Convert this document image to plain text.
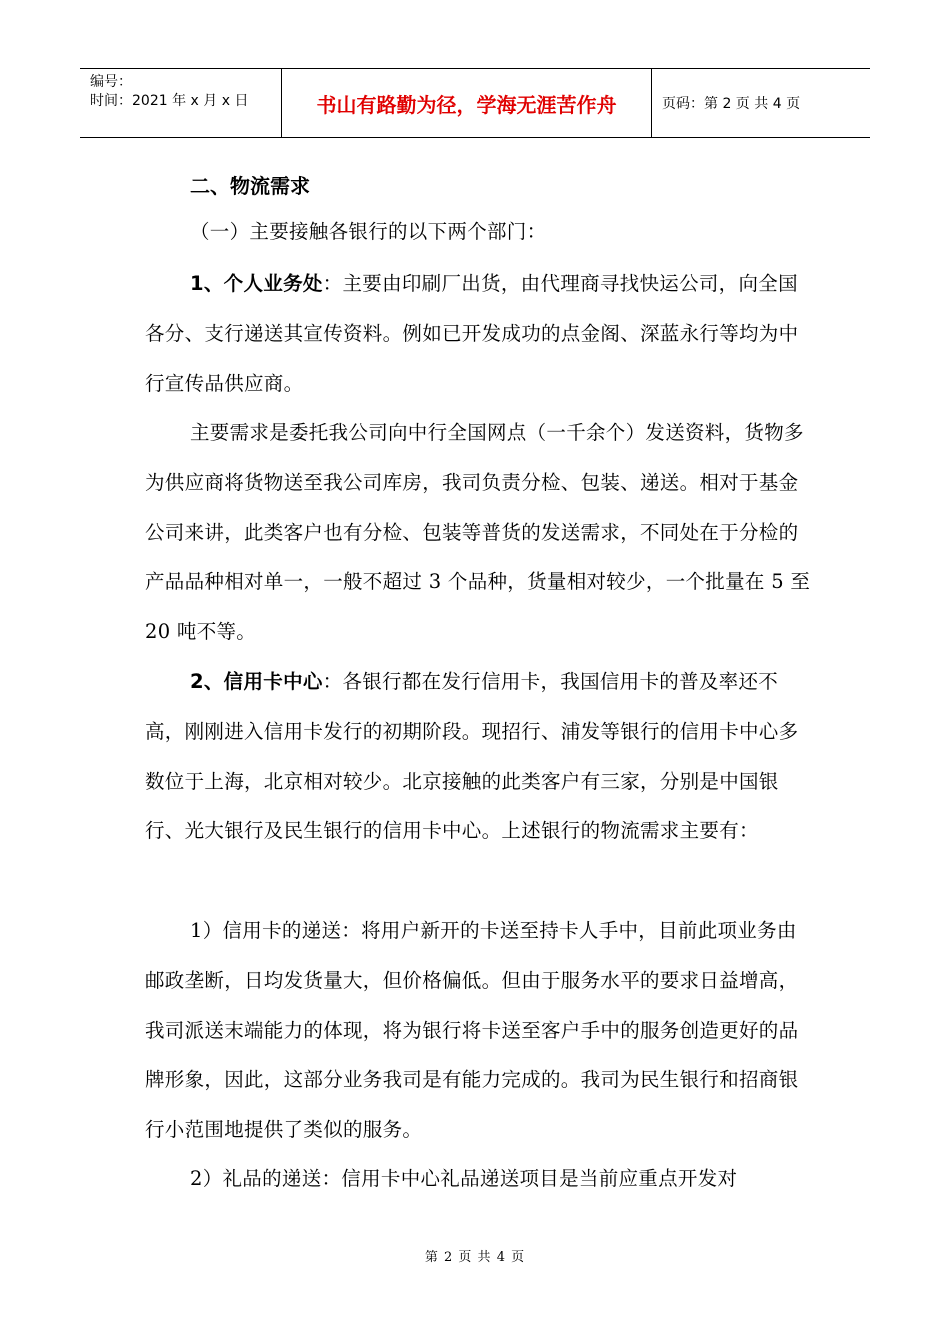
编号：
时间：2021 年 x 月 x 日	书山有路勤为径，学海无涯苦作舟	页码：第 2 页 共 4 页
二、物流需求

（一）主要接触各银行的以下两个部门：

1、个人业务处：主要由印刷厂出货，由代理商寻找快运公司，向全国各分、支行递送其宣传资料。例如已开发成功的点金阁、深蓝永行等均为中行宣传品供应商。

主要需求是委托我公司向中行全国网点（一千余个）发送资料，货物多为供应商将货物送至我公司库房，我司负责分检、包装、递送。相对于基金公司来讲，此类客户也有分检、包装等普货的发送需求，不同处在于分检的产品品种相对单一，一般不超过 3 个品种，货量相对较少，一个批量在 5 至 20 吨不等。

2、信用卡中心：各银行都在发行信用卡，我国信用卡的普及率还不高，刚刚进入信用卡发行的初期阶段。现招行、浦发等银行的信用卡中心多数位于上海，北京相对较少。北京接触的此类客户有三家，分别是中国银行、光大银行及民生银行的信用卡中心。上述银行的物流需求主要有：

1）信用卡的递送：将用户新开的卡送至持卡人手中，目前此项业务由邮政垄断，日均发货量大，但价格偏低。但由于服务水平的要求日益增高，我司派送末端能力的体现，将为银行将卡送至客户手中的服务创造更好的品牌形象，因此，这部分业务我司是有能力完成的。我司为民生银行和招商银行小范围地提供了类似的服务。

2）礼品的递送：信用卡中心礼品递送项目是当前应重点开发对

第 2 页 共 4 页
